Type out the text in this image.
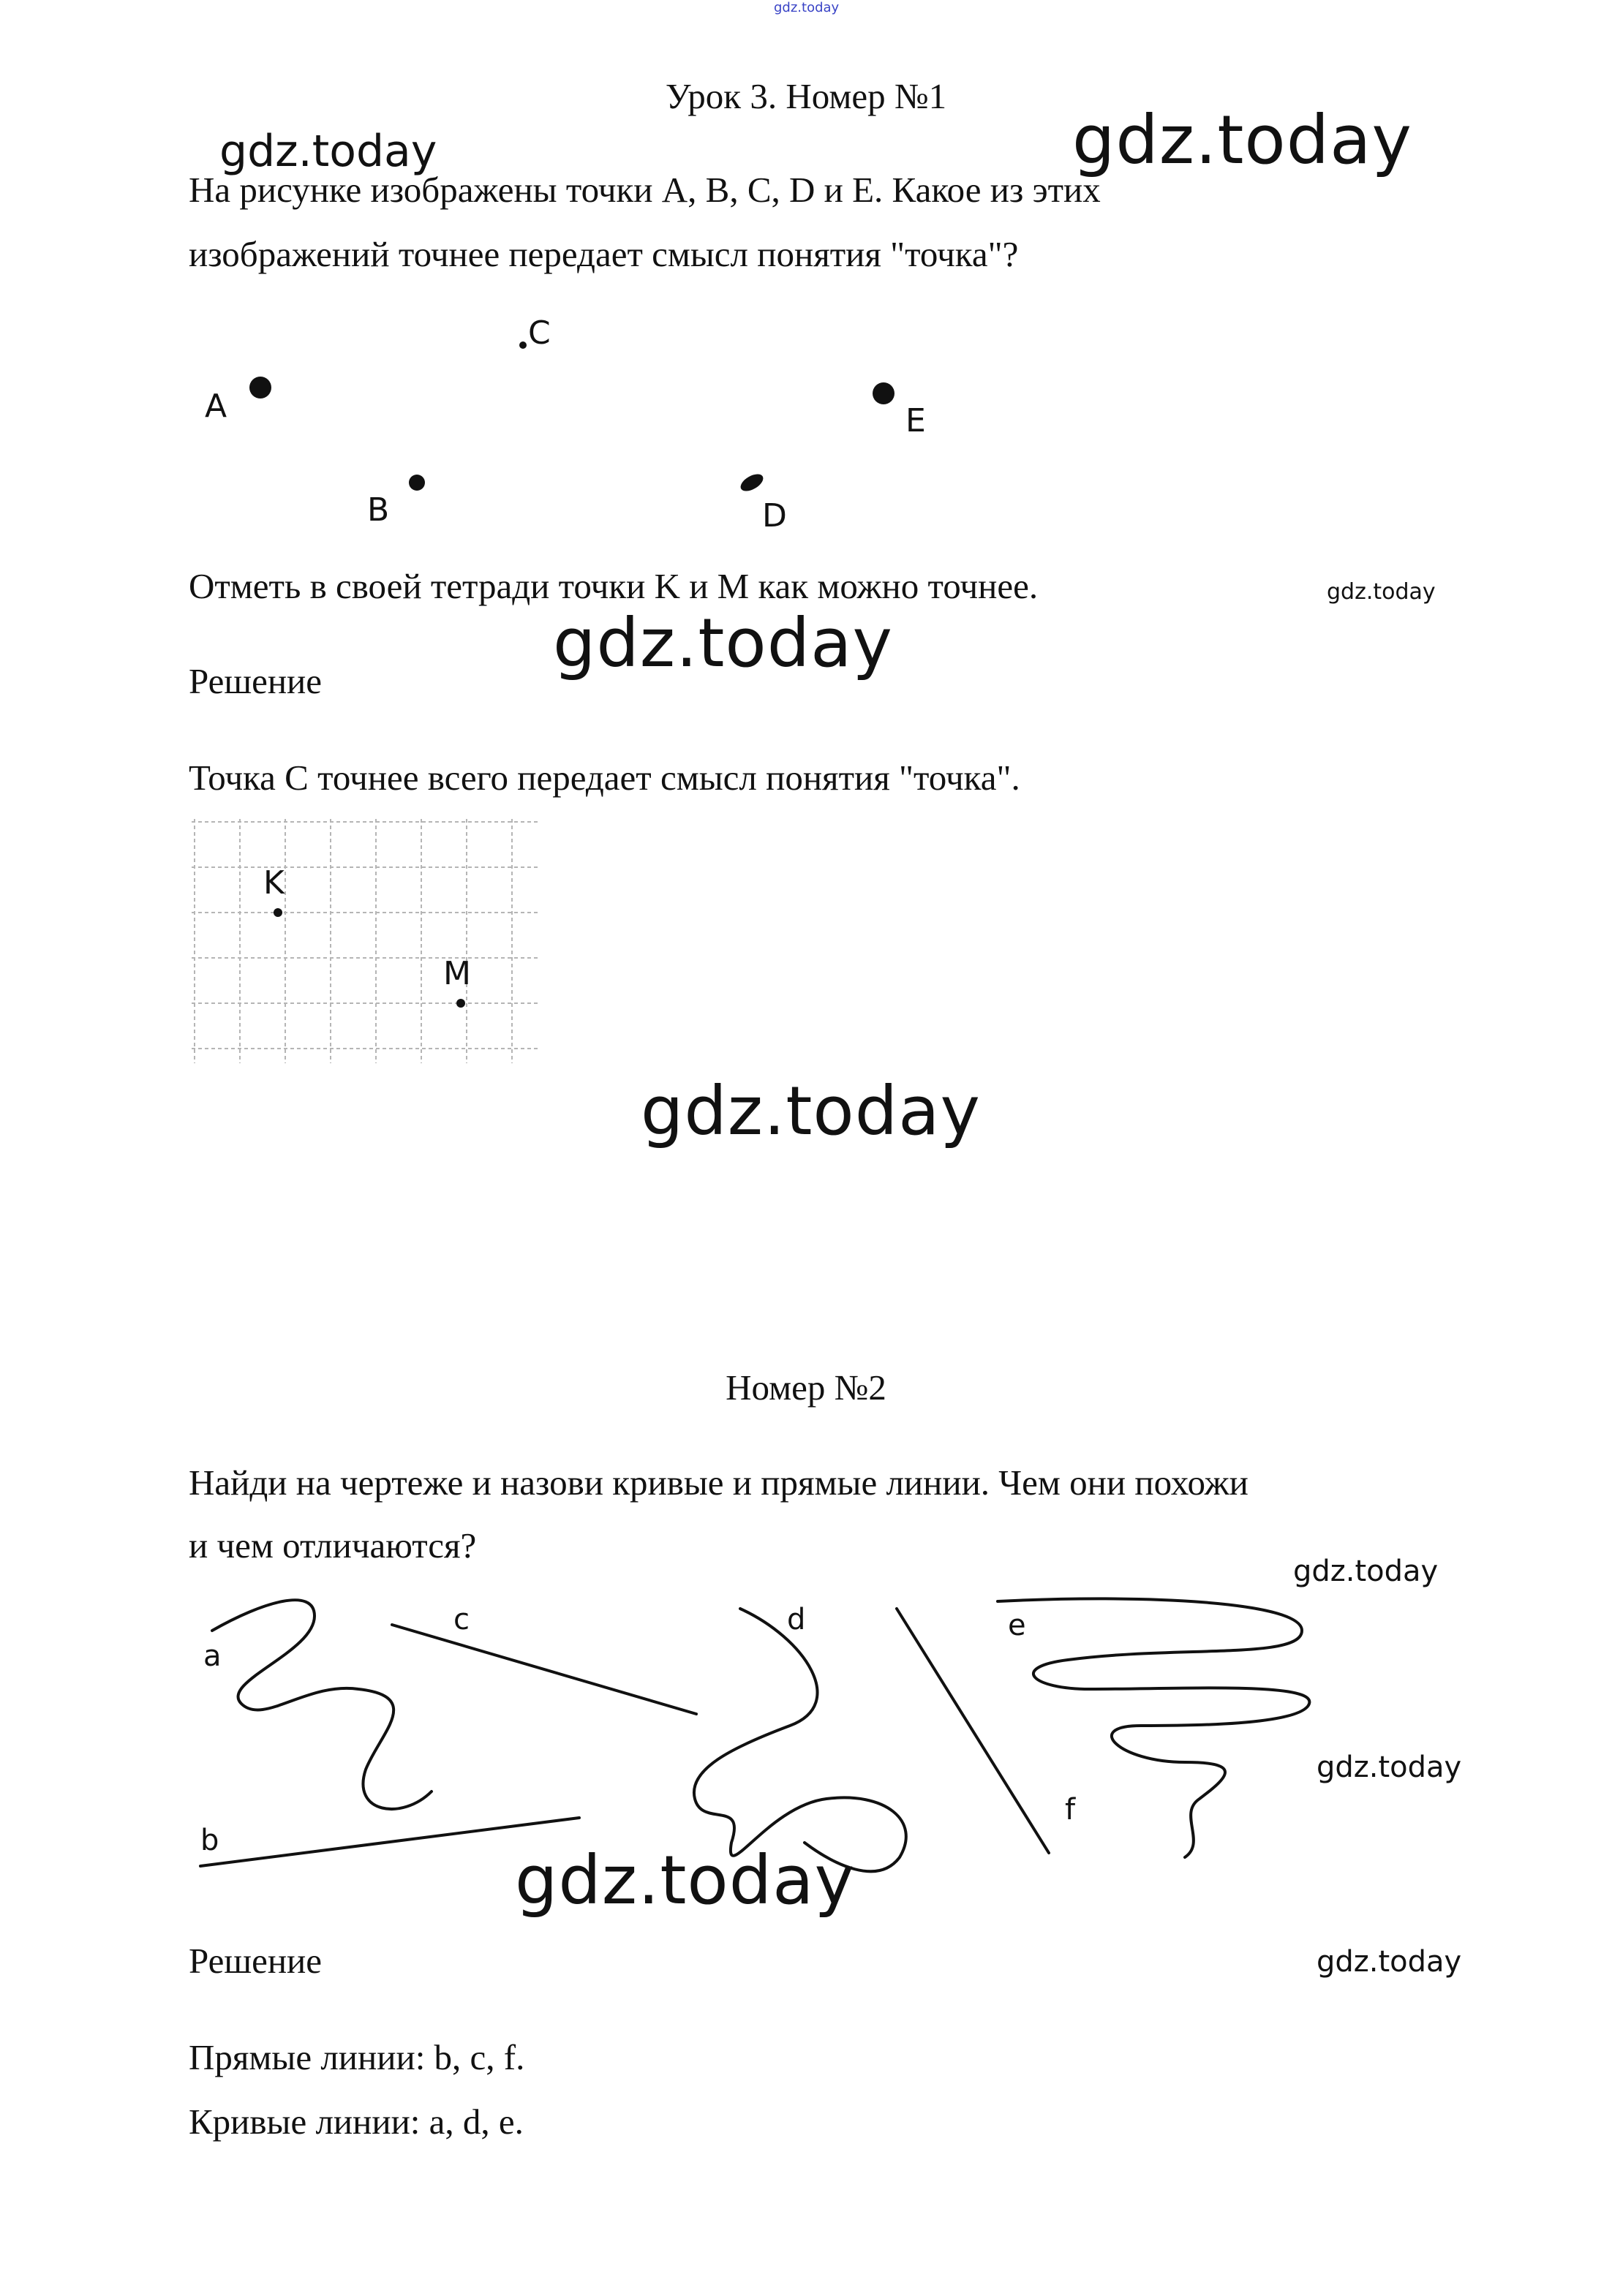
gdz.today
Урок 3. Номер №1
gdz.today	gdz.today
На рисунке изображены точки A, B, C, D и E. Какое из этих
изображений точнее передает смысл понятия "точка"?
A
C
B	D
E
Отметь в своей тетради точки K и M как можно точнее.	gdz.today
gdz.today
Решение
Точка C точнее всего передает смысл понятия "точка".
K
M
gdz.today
Номер №2
Найди на чертеже и назови кривые и прямые линии. Чем они похожи
и чем отличаются?
gdz.today
a
b
c	d	e
f
gdz.today
gdz.today
Решение	gdz.today
Прямые линии: b, c, f.
Кривые линии: a, d, e.
